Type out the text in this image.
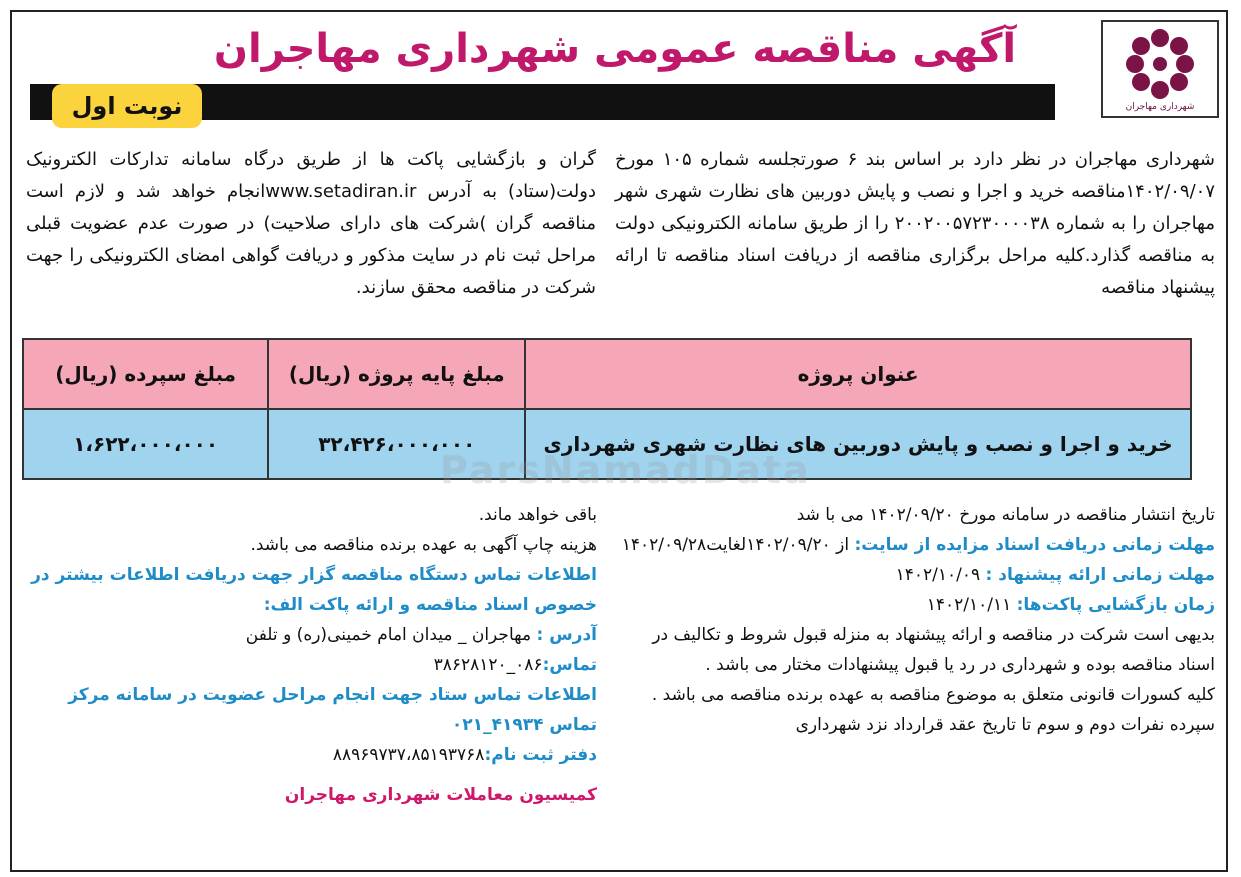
شهرداری مهاجران
آگهی مناقصه عمومی شهرداری مهاجران
نوبت اول

شهرداری مهاجران در نظر دارد بر اساس بند ۶ صورتجلسه شماره ۱۰۵ مورخ ۱۴۰۲/۰۹/۰۷مناقصه خرید و اجرا و نصب و پایش دوربین های نظارت شهری شهر مهاجران را به شماره ۲۰۰۲۰۰۵۷۲۳۰۰۰۰۳۸ را از طریق سامانه الکترونیکی دولت به مناقصه گذارد.کلیه مراحل برگزاری مناقصه از دریافت اسناد مناقصه تا ارائه پیشنهاد مناقصه

گران و بازگشایی پاکت ها از طریق درگاه سامانه تدارکات الکترونیک دولت(ستاد) به آدرس www.setadiran.irانجام خواهد شد و لازم است مناقصه گران )شرکت های دارای صلاحیت) در صورت عدم عضویت قبلی مراحل ثبت نام در سایت مذکور و دریافت گواهی امضای الکترونیکی را جهت شرکت در مناقصه محقق سازند.

عنوان پروژه	مبلغ پایه پروژه (ریال)	مبلغ سپرده (ریال)
خرید و اجرا و نصب و پایش دوربین های نظارت شهری شهرداری	۳۲،۴۲۶،۰۰۰،۰۰۰	۱،۶۲۲،۰۰۰،۰۰۰
ParsNamadData

تاریخ انتشار مناقصه در سامانه مورخ ۱۴۰۲/۰۹/۲۰ می با شد

مهلت زمانی دریافت اسناد مزایده از سایت: از ۱۴۰۲/۰۹/۲۰لغایت۱۴۰۲/۰۹/۲۸

مهلت زمانی ارائه پیشنهاد : ۱۴۰۲/۱۰/۰۹

زمان بازگشایی پاکت‌ها: ۱۴۰۲/۱۰/۱۱

بدیهی است شرکت در مناقصه و ارائه پیشنهاد به منزله قبول شروط و تکالیف در اسناد مناقصه بوده و شهرداری در رد یا قبول پیشنهادات مختار می باشد .

کلیه کسورات قانونی متعلق به موضوع مناقصه به عهده برنده مناقصه می باشد .

سپرده نفرات دوم و سوم تا تاریخ عقد قرارداد نزد شهرداری

باقی خواهد ماند.

هزینه چاپ آگهی به عهده برنده مناقصه می باشد.

اطلاعات تماس دستگاه مناقصه گزار جهت دریافت اطلاعات بیشتر در خصوص اسناد مناقصه و ارائه پاکت الف:

آدرس : مهاجران _ میدان امام خمینی(ره) و تلفن

تماس:۰۸۶_۳۸۶۲۸۱۲۰

اطلاعات تماس ستاد جهت انجام مراحل عضویت در سامانه مرکز تماس ۴۱۹۳۴_۰۲۱

دفتر ثبت نام:۸۸۹۶۹۷۳۷،۸۵۱۹۳۷۶۸

کمیسیون معاملات شهرداری مهاجران
